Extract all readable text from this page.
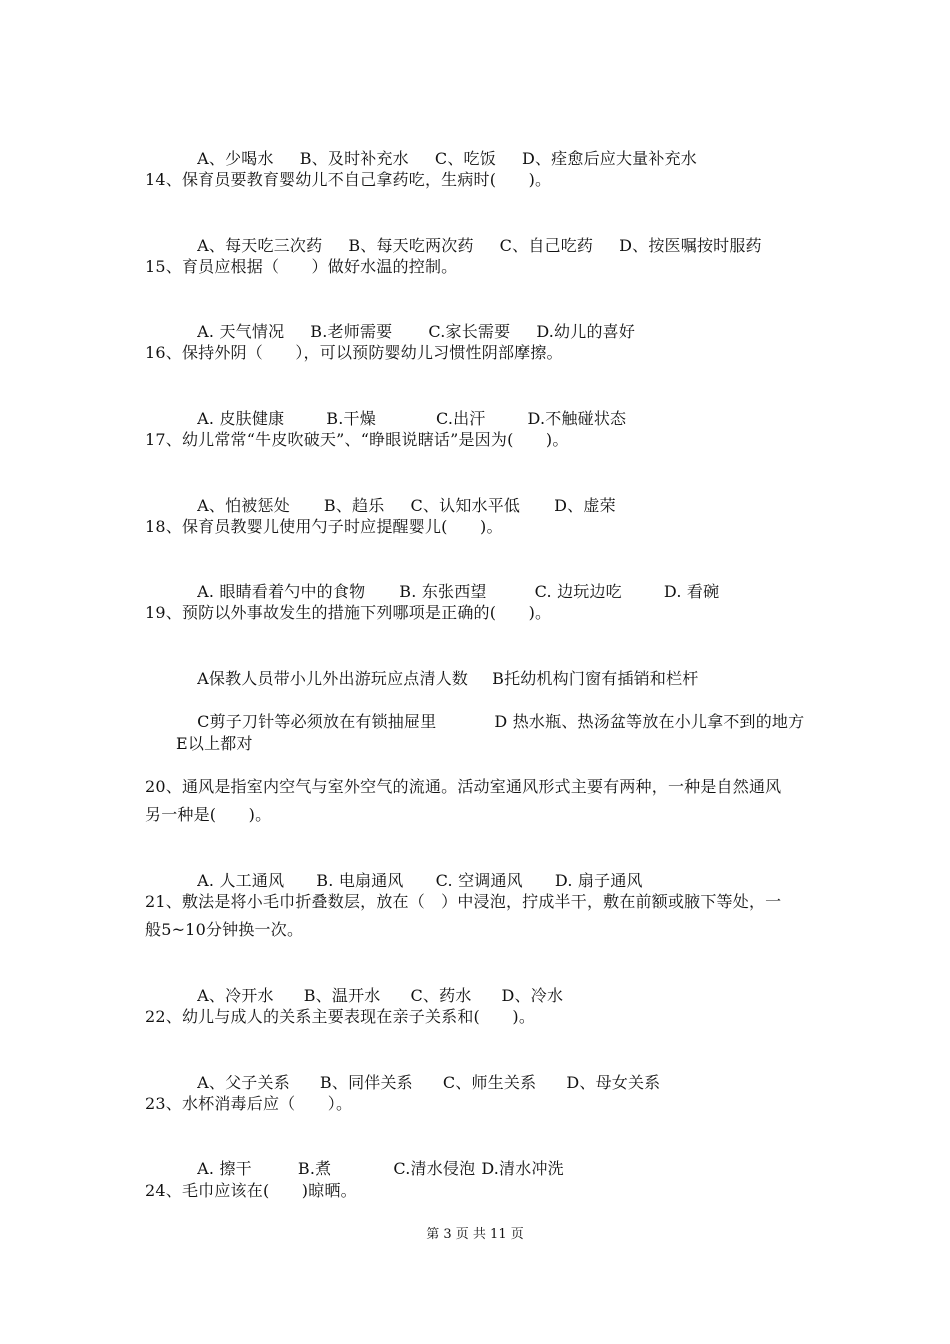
A、少喝水 B、及时补充水 C、吃饭 D、痊愈后应大量补充水

14、保育员要教育婴幼儿不自己拿药吃，生病时(　　)。

A、每天吃三次药 B、每天吃两次药 C、自己吃药 D、按医嘱按时服药

15、育员应根据（　　）做好水温的控制。

A. 天气情况 B.老师需要 C.家长需要 D.幼儿的喜好

16、保持外阴（　　），可以预防婴幼儿习惯性阴部摩擦。

A. 皮肤健康	B.干燥	C.出汗	D.不触碰状态

17、幼儿常常“牛皮吹破天”、“睁眼说瞎话”是因为(　　)。

A、怕被惩处 B、趋乐 C、认知水平低 D、虚荣

18、保育员教婴儿使用勺子时应提醒婴儿(　　)。

A. 眼睛看着勺中的食物 B. 东张西望	C. 边玩边吃	D. 看碗

19、预防以外事故发生的措施下列哪项是正确的(　　)。

A保教人员带小儿外出游玩应点清人数 B托幼机构门窗有插销和栏杆

C剪子刀针等必须放在有锁抽屉里	D 热水瓶、热汤盆等放在小儿拿不到的地方

E以上都对
20、通风是指室内空气与室外空气的流通。活动室通风形式主要有两种，一种是自然通风
另一种是(　　)。

A. 人工通风 B. 电扇通风 C. 空调通风 D. 扇子通风

21、敷法是将小毛巾折叠数层，放在（　）中浸泡，拧成半干，敷在前额或腋下等处，一
般5~10分钟换一次。

A、冷开水 B、温开水 C、药水 D、冷水

22、幼儿与成人的关系主要表现在亲子关系和(　　)。

A、父子关系 B、同伴关系 C、师生关系 D、母女关系

23、水杯消毒后应（　　）。

A. 擦干	B.煮	C.清水侵泡 D.清水冲洗

24、毛巾应该在(　　)晾晒。
第 3 页 共 11 页
